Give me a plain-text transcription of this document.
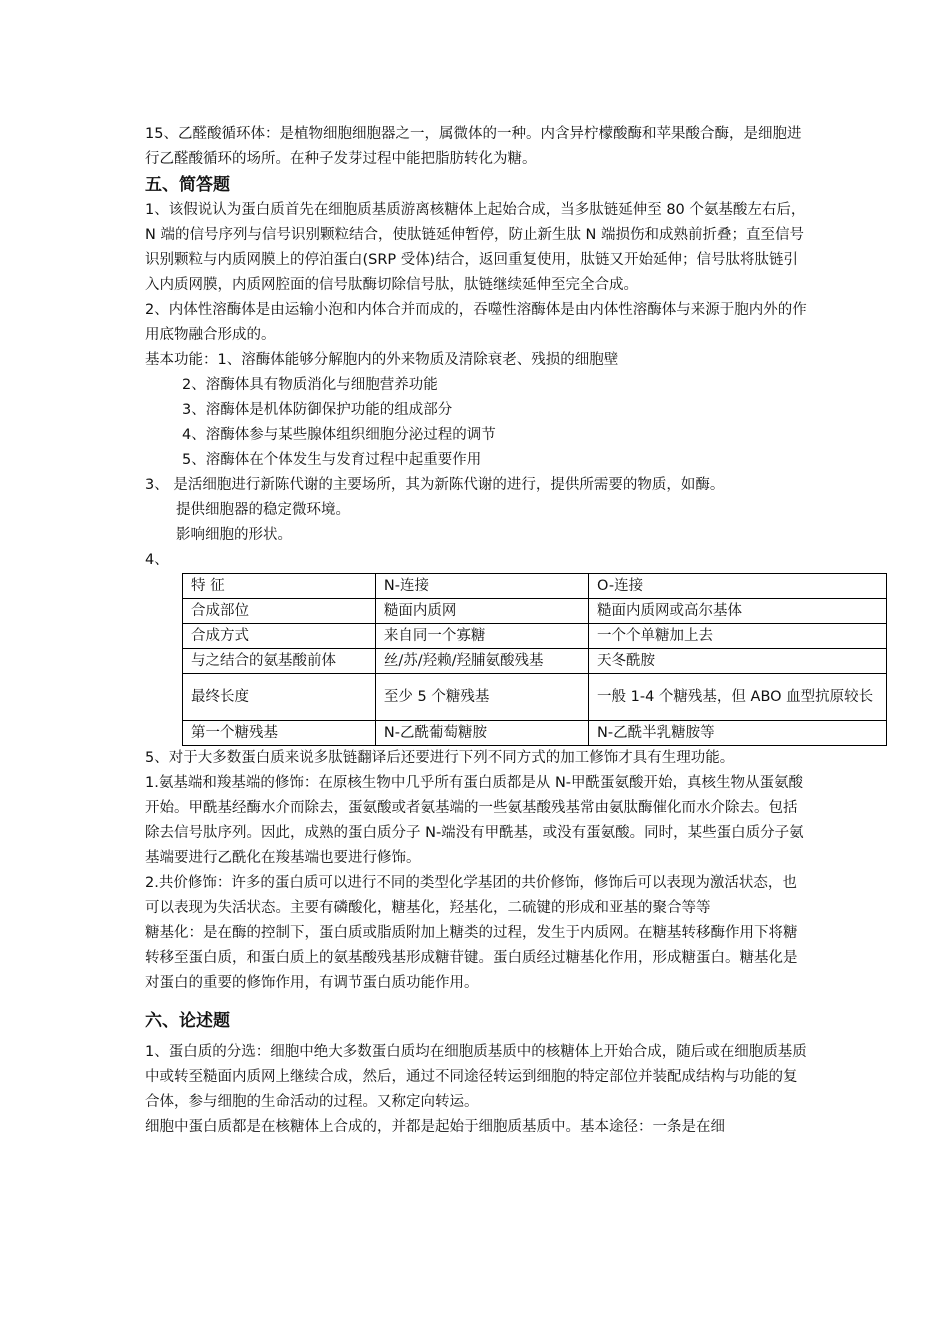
15、乙醛酸循环体：是植物细胞细胞器之一，属微体的一种。内含异柠檬酸酶和苹果酸合酶，是细胞进行乙醛酸循环的场所。在种子发芽过程中能把脂肪转化为糖。

五、简答题

1、该假说认为蛋白质首先在细胞质基质游离核糖体上起始合成，当多肽链延伸至 80 个氨基酸左右后，N 端的信号序列与信号识别颗粒结合，使肽链延伸暂停，防止新生肽 N 端损伤和成熟前折叠；直至信号识别颗粒与内质网膜上的停泊蛋白(SRP 受体)结合，返回重复使用，肽链又开始延伸；信号肽将肽链引入内质网膜，内质网腔面的信号肽酶切除信号肽，肽链继续延伸至完全合成。

2、内体性溶酶体是由运输小泡和内体合并而成的，吞噬性溶酶体是由内体性溶酶体与来源于胞内外的作用底物融合形成的。

基本功能：1、溶酶体能够分解胞内的外来物质及清除衰老、残损的细胞壁

2、溶酶体具有物质消化与细胞营养功能

3、溶酶体是机体防御保护功能的组成部分

4、溶酶体参与某些腺体组织细胞分泌过程的调节

5、溶酶体在个体发生与发育过程中起重要作用

3、 是活细胞进行新陈代谢的主要场所，其为新陈代谢的进行，提供所需要的物质，如酶。

提供细胞器的稳定微环境。

影响细胞的形状。

4、

特 征	N-连接	O-连接
合成部位	糙面内质网	糙面内质网或高尔基体
合成方式	来自同一个寡糖	一个个单糖加上去
与之结合的氨基酸前体	丝/苏/羟赖/羟脯氨酸残基	天冬酰胺
最终长度	至少 5 个糖残基	一般 1-4 个糖残基，但 ABO 血型抗原较长
第一个糖残基	N-乙酰葡萄糖胺	N-乙酰半乳糖胺等

5、对于大多数蛋白质来说多肽链翻译后还要进行下列不同方式的加工修饰才具有生理功能。

1.氨基端和羧基端的修饰：在原核生物中几乎所有蛋白质都是从 N-甲酰蛋氨酸开始，真核生物从蛋氨酸开始。甲酰基经酶水介而除去，蛋氨酸或者氨基端的一些氨基酸残基常由氨肽酶催化而水介除去。包括除去信号肽序列。因此，成熟的蛋白质分子 N-端没有甲酰基，或没有蛋氨酸。同时，某些蛋白质分子氨基端要进行乙酰化在羧基端也要进行修饰。

2.共价修饰：许多的蛋白质可以进行不同的类型化学基团的共价修饰，修饰后可以表现为激活状态，也可以表现为失活状态。主要有磷酸化，糖基化，羟基化，二硫键的形成和亚基的聚合等等

糖基化：是在酶的控制下，蛋白质或脂质附加上糖类的过程，发生于内质网。在糖基转移酶作用下将糖转移至蛋白质，和蛋白质上的氨基酸残基形成糖苷键。蛋白质经过糖基化作用，形成糖蛋白。糖基化是对蛋白的重要的修饰作用，有调节蛋白质功能作用。

六、论述题

1、蛋白质的分选：细胞中绝大多数蛋白质均在细胞质基质中的核糖体上开始合成，随后或在细胞质基质中或转至糙面内质网上继续合成，然后，通过不同途径转运到细胞的特定部位并装配成结构与功能的复合体，参与细胞的生命活动的过程。又称定向转运。

细胞中蛋白质都是在核糖体上合成的，并都是起始于细胞质基质中。基本途径：一条是在细
